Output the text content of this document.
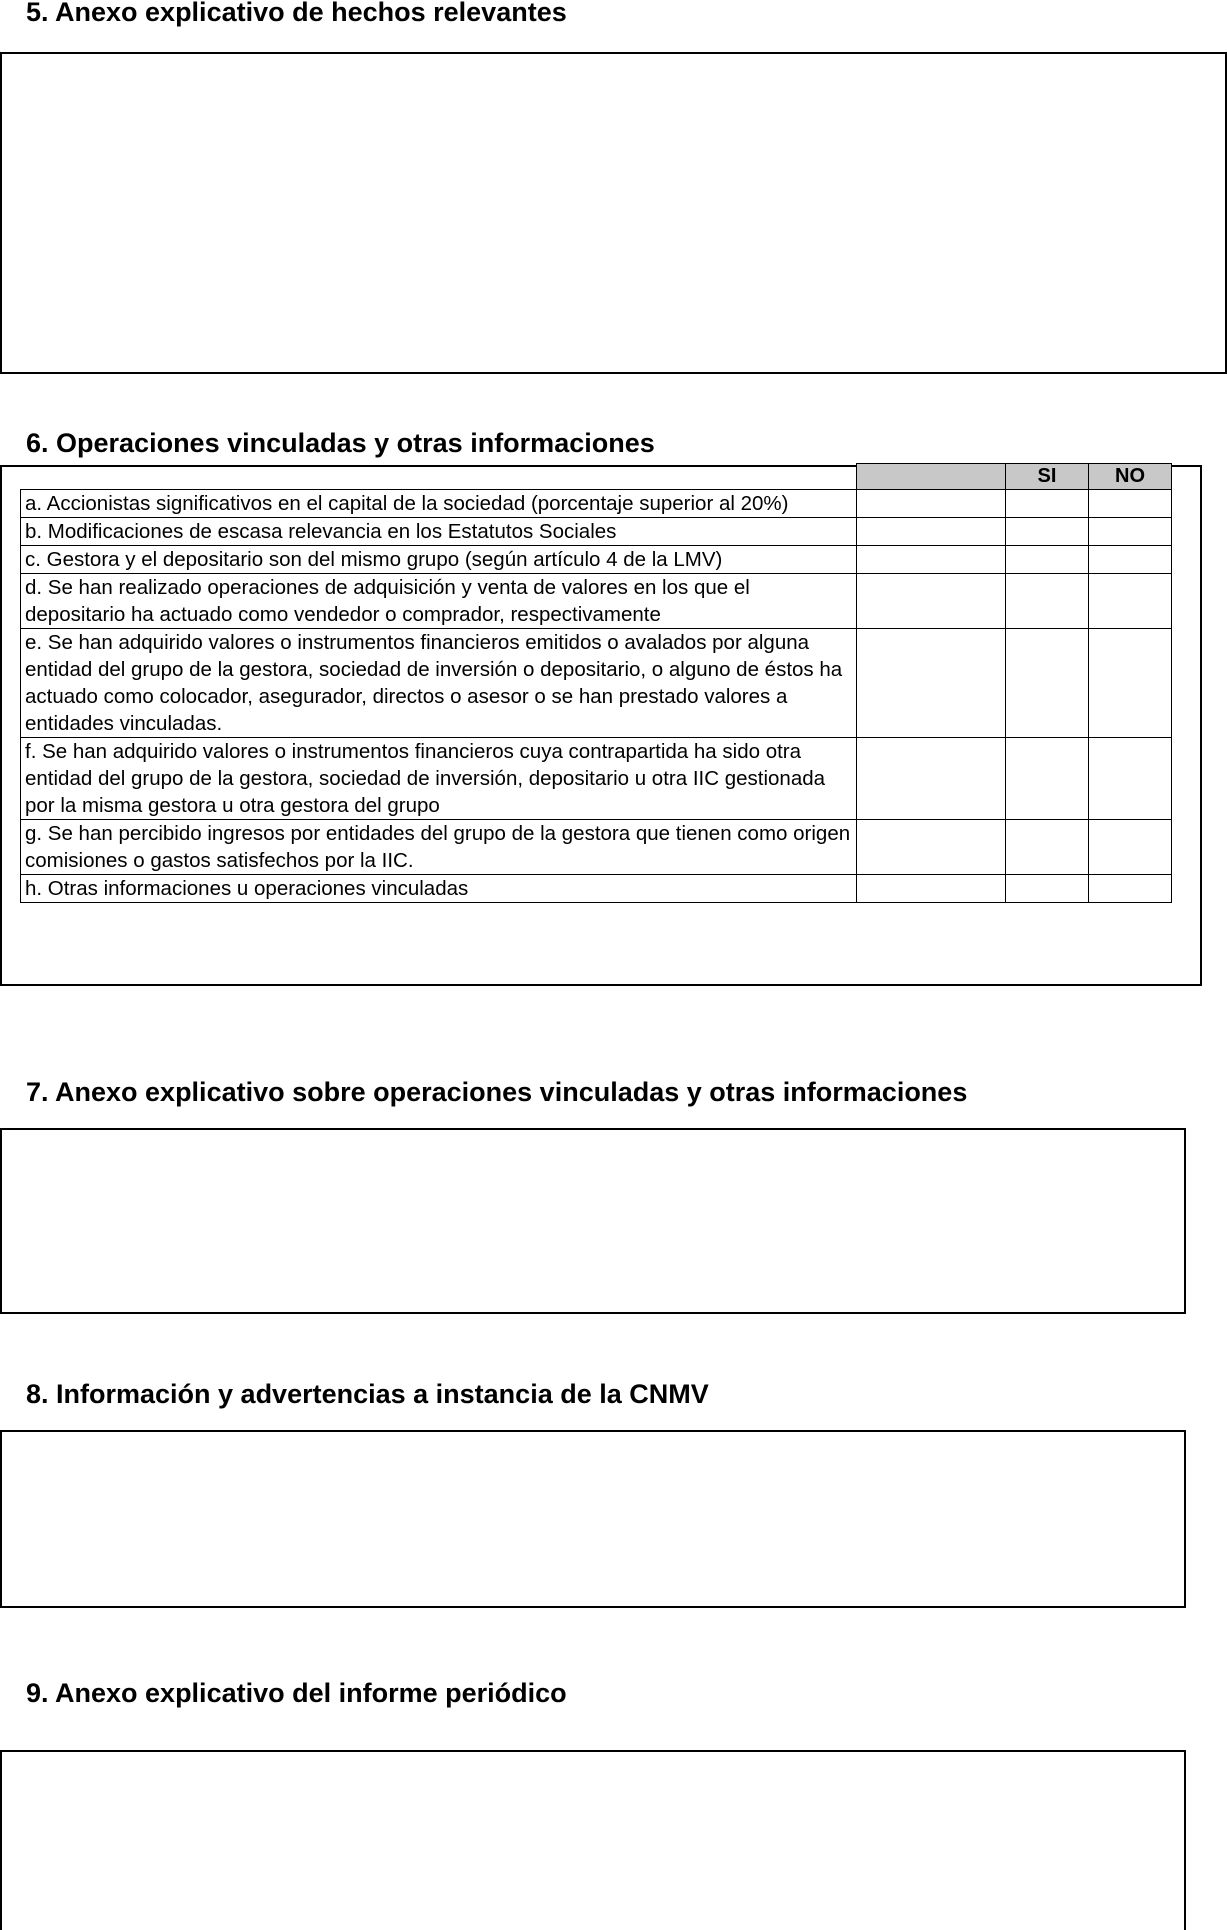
5. Anexo explicativo de hechos relevantes
6. Operaciones vinculadas y otras informaciones
		SI	NO
a. Accionistas significativos en el capital de la sociedad (porcentaje superior al 20%)			
b. Modificaciones de escasa relevancia en los Estatutos Sociales			
c. Gestora y el depositario son del mismo grupo (según artículo 4 de la LMV)			
d. Se han realizado operaciones de adquisición y venta de valores en los que el depositario ha actuado como vendedor o comprador, respectivamente			
e. Se han adquirido valores o instrumentos financieros emitidos o avalados por alguna entidad del grupo de la gestora, sociedad de inversión o depositario, o alguno de éstos ha actuado como colocador, asegurador, directos o asesor o se han prestado valores a entidades vinculadas.			
f. Se han adquirido valores o instrumentos financieros cuya contrapartida ha sido otra entidad del grupo de la gestora, sociedad de inversión, depositario u otra IIC gestionada por la misma gestora u otra gestora del grupo			
g. Se han percibido ingresos por entidades del grupo de la gestora que tienen como origen comisiones o gastos satisfechos por la IIC.			
h. Otras informaciones u operaciones vinculadas			
7. Anexo explicativo sobre operaciones vinculadas y otras informaciones
8. Información y advertencias a instancia de la CNMV
9. Anexo explicativo del informe periódico
